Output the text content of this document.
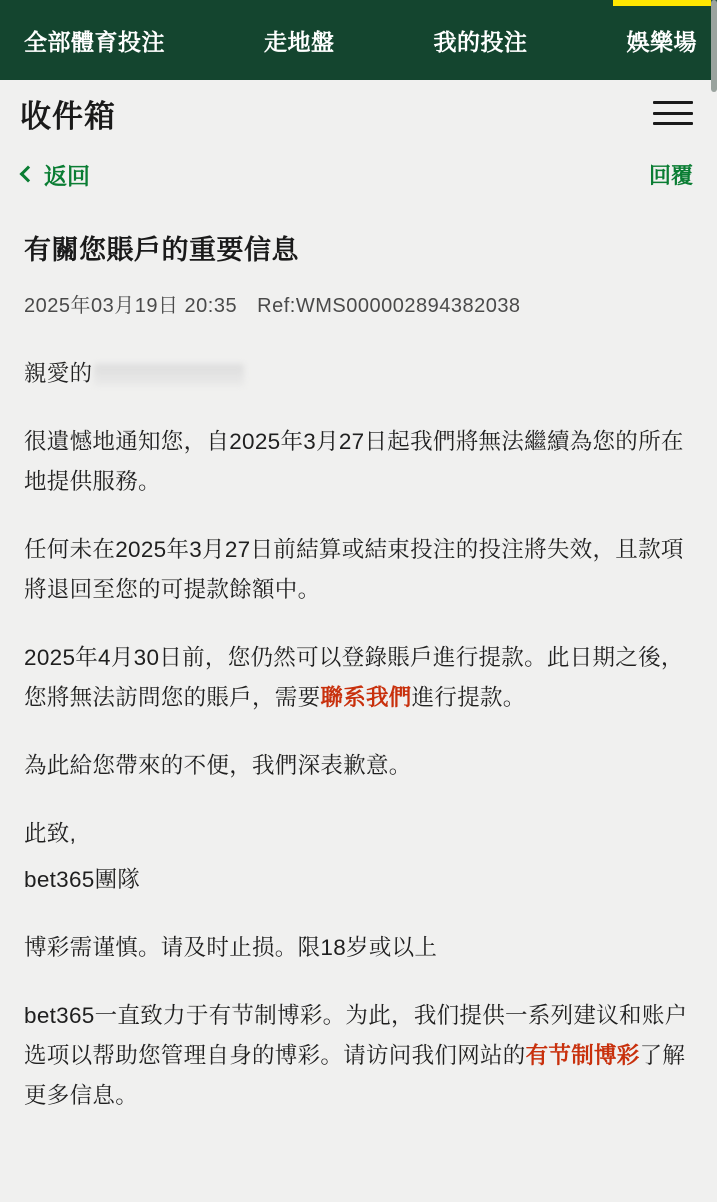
全部體育投注	走地盤	我的投注	娛樂場
收件箱
返回	回覆
有關您賬戶的重要信息
2025年03月19日 20:35 Ref:WMS000002894382038

親愛的

很遺憾地通知您，自2025年3月27日起我們將無法繼續為您的所在地提供服務。

任何未在2025年3月27日前結算或結束投注的投注將失效，且款項將退回至您的可提款餘額中。

2025年4月30日前，您仍然可以登錄賬戶進行提款。此日期之後，您將無法訪問您的賬戶，需要聯系我們進行提款。

為此給您帶來的不便，我們深表歉意。

此致,

bet365團隊

博彩需谨慎。请及时止损。限18岁或以上

bet365一直致力于有节制博彩。为此，我们提供一系列建议和账户选项以帮助您管理自身的博彩。请访问我们网站的有节制博彩了解更多信息。
